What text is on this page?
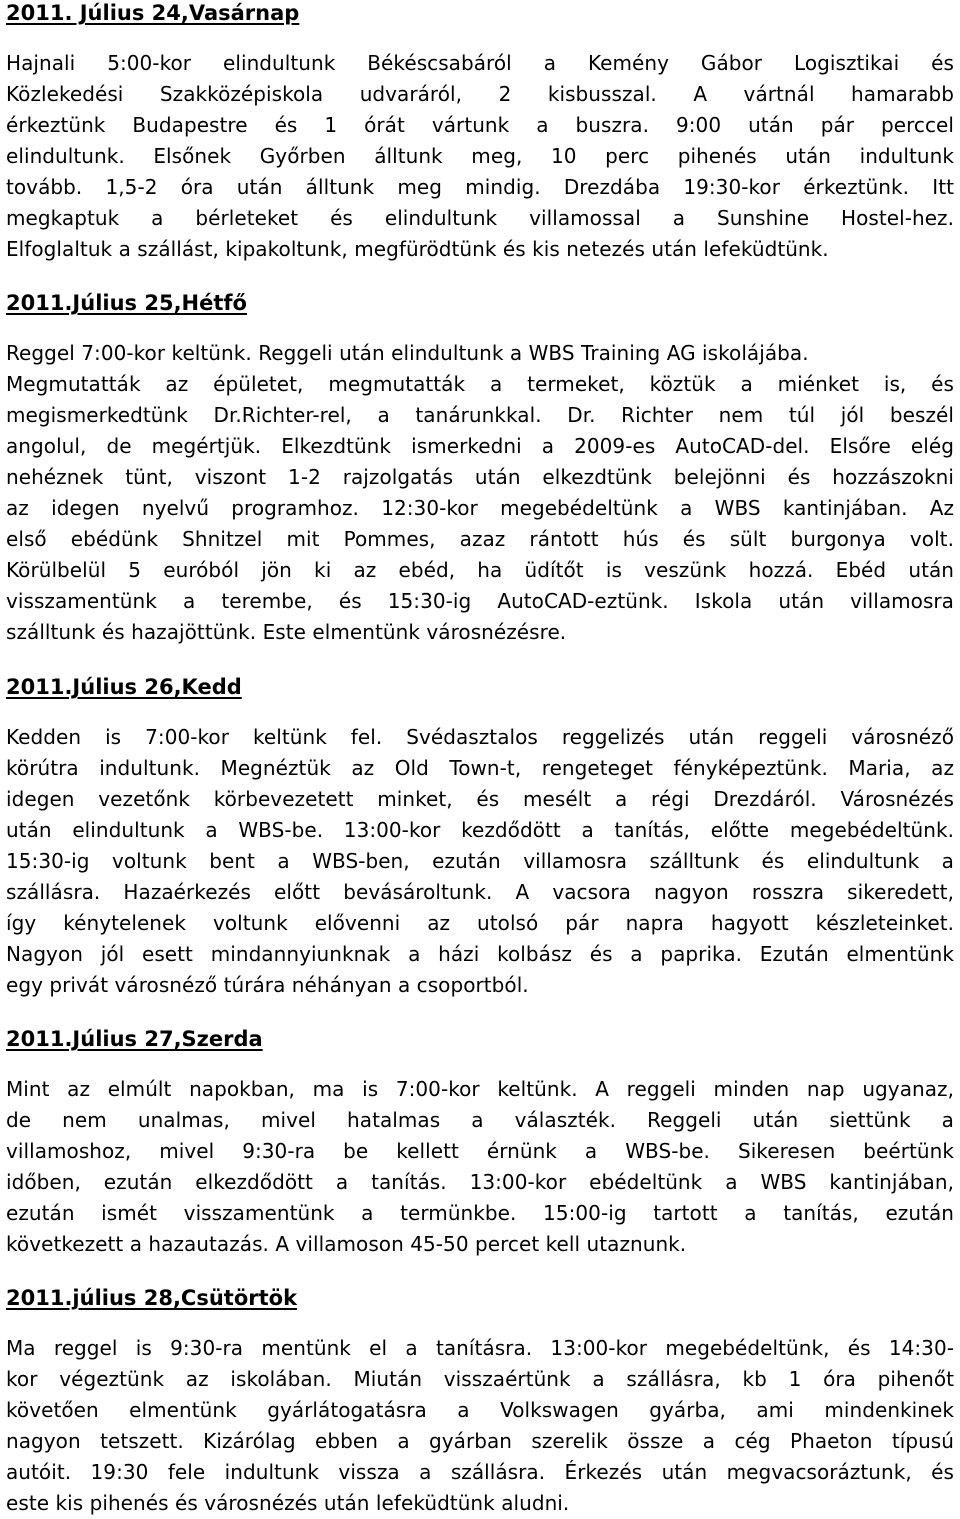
2011. Július 24,Vasárnap
Hajnali 5:00-kor elindultunk Békéscsabáról a Kemény Gábor Logisztikai és
Közlekedési Szakközépiskola udvaráról, 2 kisbusszal. A vártnál hamarabb
érkeztünk Budapestre és 1 órát vártunk a buszra. 9:00 után pár perccel
elindultunk. Elsőnek Győrben álltunk meg, 10 perc pihenés után indultunk
tovább. 1,5-2 óra után álltunk meg mindig. Drezdába 19:30-kor érkeztünk. Itt
megkaptuk a bérleteket és elindultunk villamossal a Sunshine Hostel-hez.
Elfoglaltuk a szállást, kipakoltunk, megfürödtünk és kis netezés után lefeküdtünk.
2011.Július 25,Hétfő
Reggel 7:00-kor keltünk. Reggeli után elindultunk a WBS Training AG iskolájába.
Megmutatták az épületet, megmutatták a termeket, köztük a miénket is, és
megismerkedtünk Dr.Richter-rel, a tanárunkkal. Dr. Richter nem túl jól beszél
angolul, de megértjük. Elkezdtünk ismerkedni a 2009-es AutoCAD-del. Elsőre elég
nehéznek tünt, viszont 1-2 rajzolgatás után elkezdtünk belejönni és hozzászokni
az idegen nyelvű programhoz. 12:30-kor megebédeltünk a WBS kantinjában. Az
első ebédünk Shnitzel mit Pommes, azaz rántott hús és sült burgonya volt.
Körülbelül 5 euróból jön ki az ebéd, ha üdítőt is veszünk hozzá. Ebéd után
visszamentünk a terembe, és 15:30-ig AutoCAD-eztünk. Iskola után villamosra
szálltunk és hazajöttünk. Este elmentünk városnézésre.
2011.Július 26,Kedd
Kedden is 7:00-kor keltünk fel. Svédasztalos reggelizés után reggeli városnéző
körútra indultunk. Megnéztük az Old Town-t, rengeteget fényképeztünk. Maria, az
idegen vezetőnk körbevezetett minket, és mesélt a régi Drezdáról. Városnézés
után elindultunk a WBS-be. 13:00-kor kezdődött a tanítás, előtte megebédeltünk.
15:30-ig voltunk bent a WBS-ben, ezután villamosra szálltunk és elindultunk a
szállásra. Hazaérkezés előtt bevásároltunk. A vacsora nagyon rosszra sikeredett,
így kénytelenek voltunk elővenni az utolsó pár napra hagyott készleteinket.
Nagyon jól esett mindannyiunknak a házi kolbász és a paprika. Ezután elmentünk
egy privát városnéző túrára néhányan a csoportból.
2011.Július 27,Szerda
Mint az elmúlt napokban, ma is 7:00-kor keltünk. A reggeli minden nap ugyanaz,
de nem unalmas, mivel hatalmas a választék. Reggeli után siettünk a
villamoshoz, mivel 9:30-ra be kellett érnünk a WBS-be. Sikeresen beértünk
időben, ezután elkezdődött a tanítás. 13:00-kor ebédeltünk a WBS kantinjában,
ezután ismét visszamentünk a termünkbe. 15:00-ig tartott a tanítás, ezután
következett a hazautazás. A villamoson 45-50 percet kell utaznunk.
2011.július 28,Csütörtök
Ma reggel is 9:30-ra mentünk el a tanításra. 13:00-kor megebédeltünk, és 14:30-
kor végeztünk az iskolában. Miután visszaértünk a szállásra, kb 1 óra pihenőt
követően elmentünk gyárlátogatásra a Volkswagen gyárba, ami mindenkinek
nagyon tetszett. Kizárólag ebben a gyárban szerelik össze a cég Phaeton típusú
autóit. 19:30 fele indultunk vissza a szállásra. Érkezés után megvacsoráztunk, és
este kis pihenés és városnézés után lefeküdtünk aludni.
